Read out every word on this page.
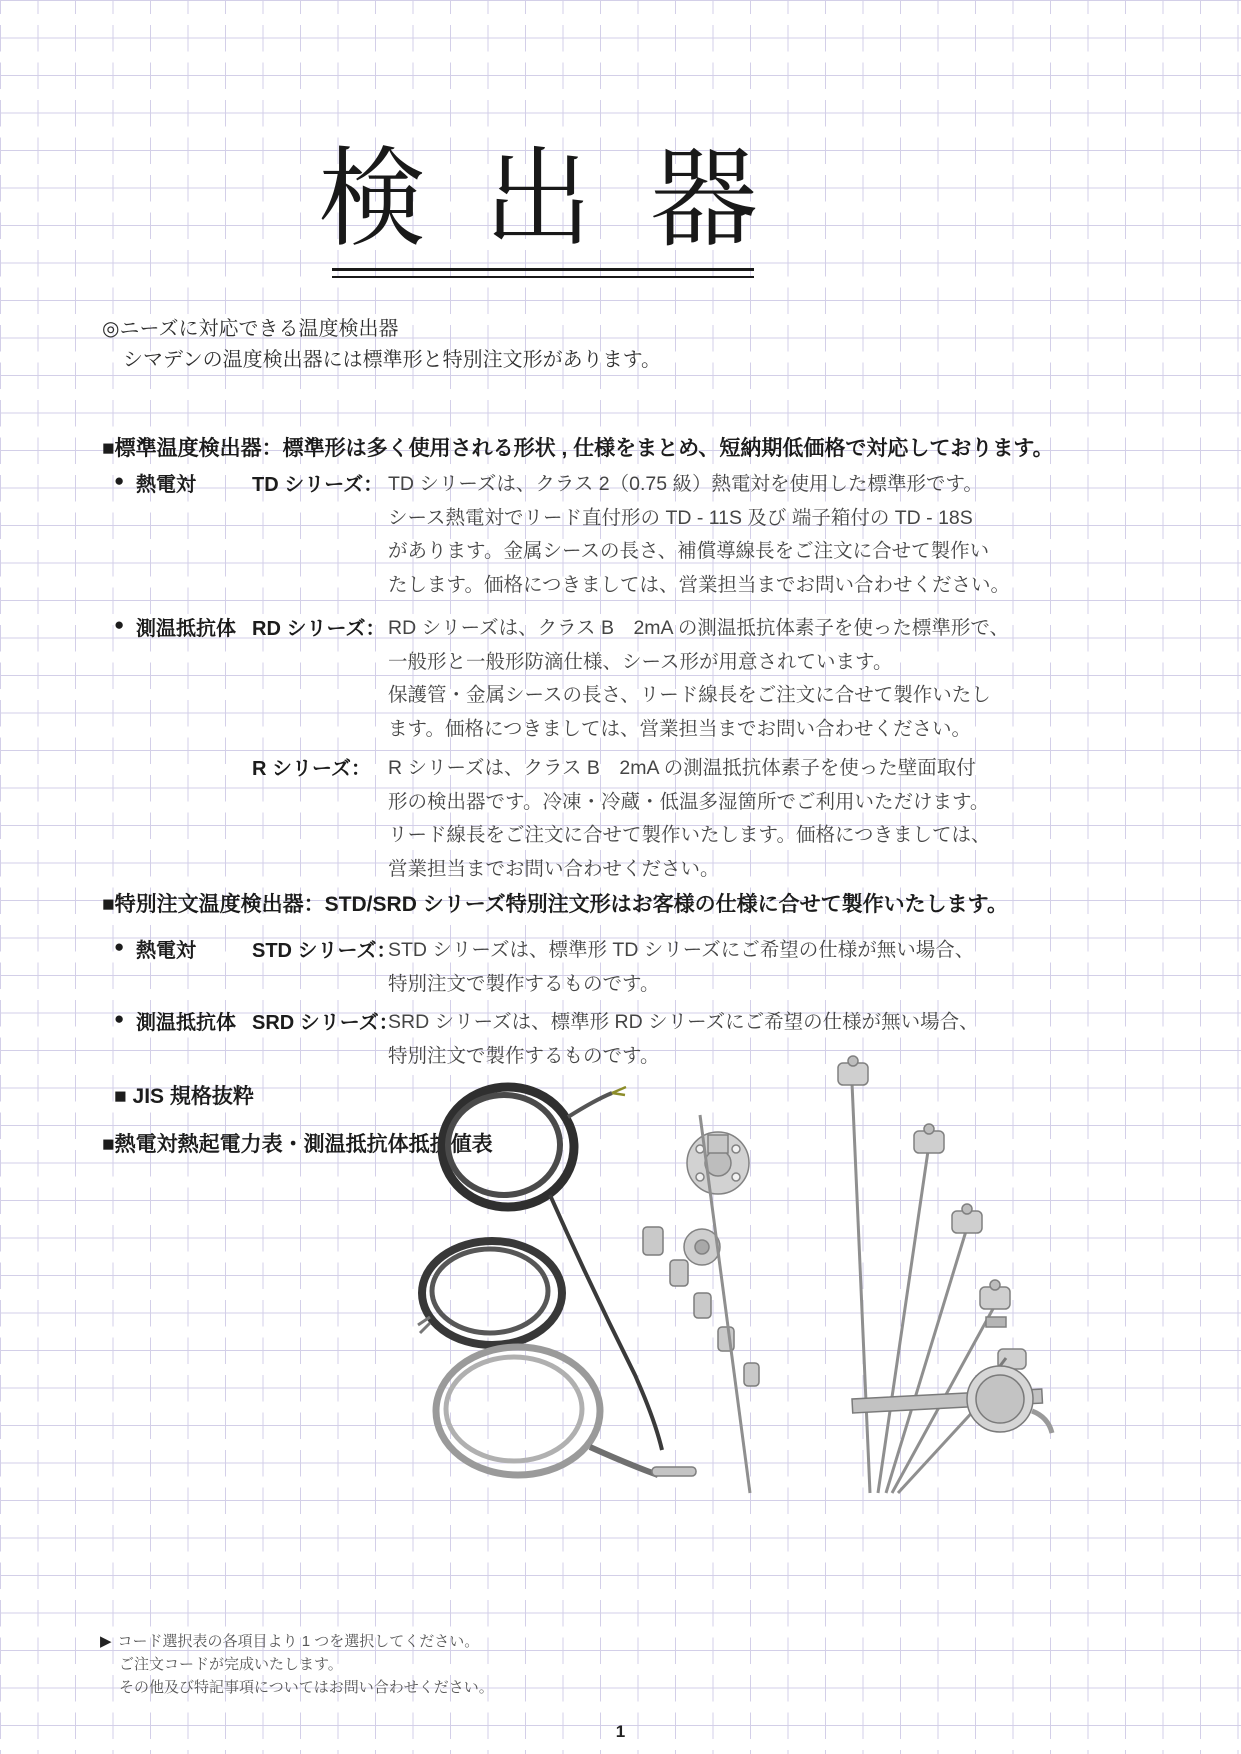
検 出 器
◎ニーズに対応できる温度検出器
シマデンの温度検出器には標準形と特別注文形があります。
■標準温度検出器：標準形は多く使用される形状 , 仕様をまとめ、短納期低価格で対応しております。
● 熱電対	TD シリーズ： TD シリーズは、クラス 2（0.75 級）熱電対を使用した標準形です。
シース熱電対でリード直付形の TD - 11S 及び 端子箱付の TD - 18S
があります。金属シースの長さ、補償導線長をご注文に合せて製作い
たします。価格につきましては、営業担当までお問い合わせください。
● 測温抵抗体 RD シリーズ： RD シリーズは、クラス B　2mA の測温抵抗体素子を使った標準形で、
一般形と一般形防滴仕様、シース形が用意されています。
保護管・金属シースの長さ、リード線長をご注文に合せて製作いたし
ます。価格につきましては、営業担当までお問い合わせください。
R シリーズ： R シリーズは、クラス B　2mA の測温抵抗体素子を使った壁面取付
形の検出器です。冷凍・冷蔵・低温多湿箇所でご利用いただけます。
リード線長をご注文に合せて製作いたします。価格につきましては、
営業担当までお問い合わせください。
■特別注文温度検出器：STD/SRD シリーズ特別注文形はお客様の仕様に合せて製作いたします。
● 熱電対	STD シリーズ：
STD シリーズは、標準形 TD シリーズにご希望の仕様が無い場合、
特別注文で製作するものです。
● 測温抵抗体 SRD シリーズ：
SRD シリーズは、標準形 RD シリーズにご希望の仕様が無い場合、
特別注文で製作するものです。
■ JIS 規格抜粋
■熱電対熱起電力表・測温抵抗体抵抗値表
▶ コード選択表の各項目より 1 つを選択してください。
ご注文コードが完成いたします。
その他及び特記事項についてはお問い合わせください。
1
